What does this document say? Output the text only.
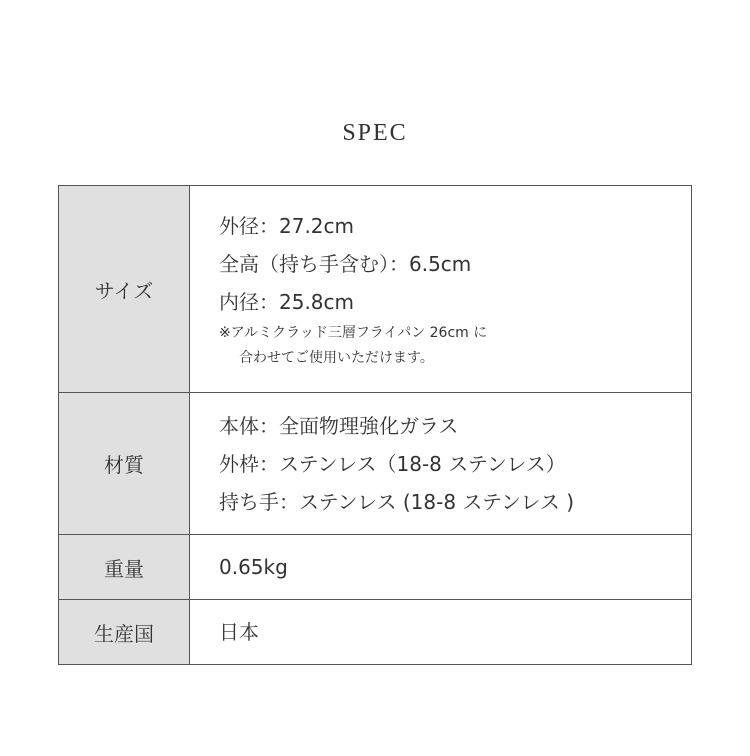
SPEC
サイズ	外径：27.2cm
全高（持ち手含む）：6.5cm
内径：25.8cm
※アルミクラッド三層フライパン 26cm に
合わせてご使用いただけます。

材質	本体：全面物理強化ガラス
外枠：ステンレス（18-8 ステンレス）
持ち手：ステンレス (18-8 ステンレス )

重量	0.65kg

生産国	日本
